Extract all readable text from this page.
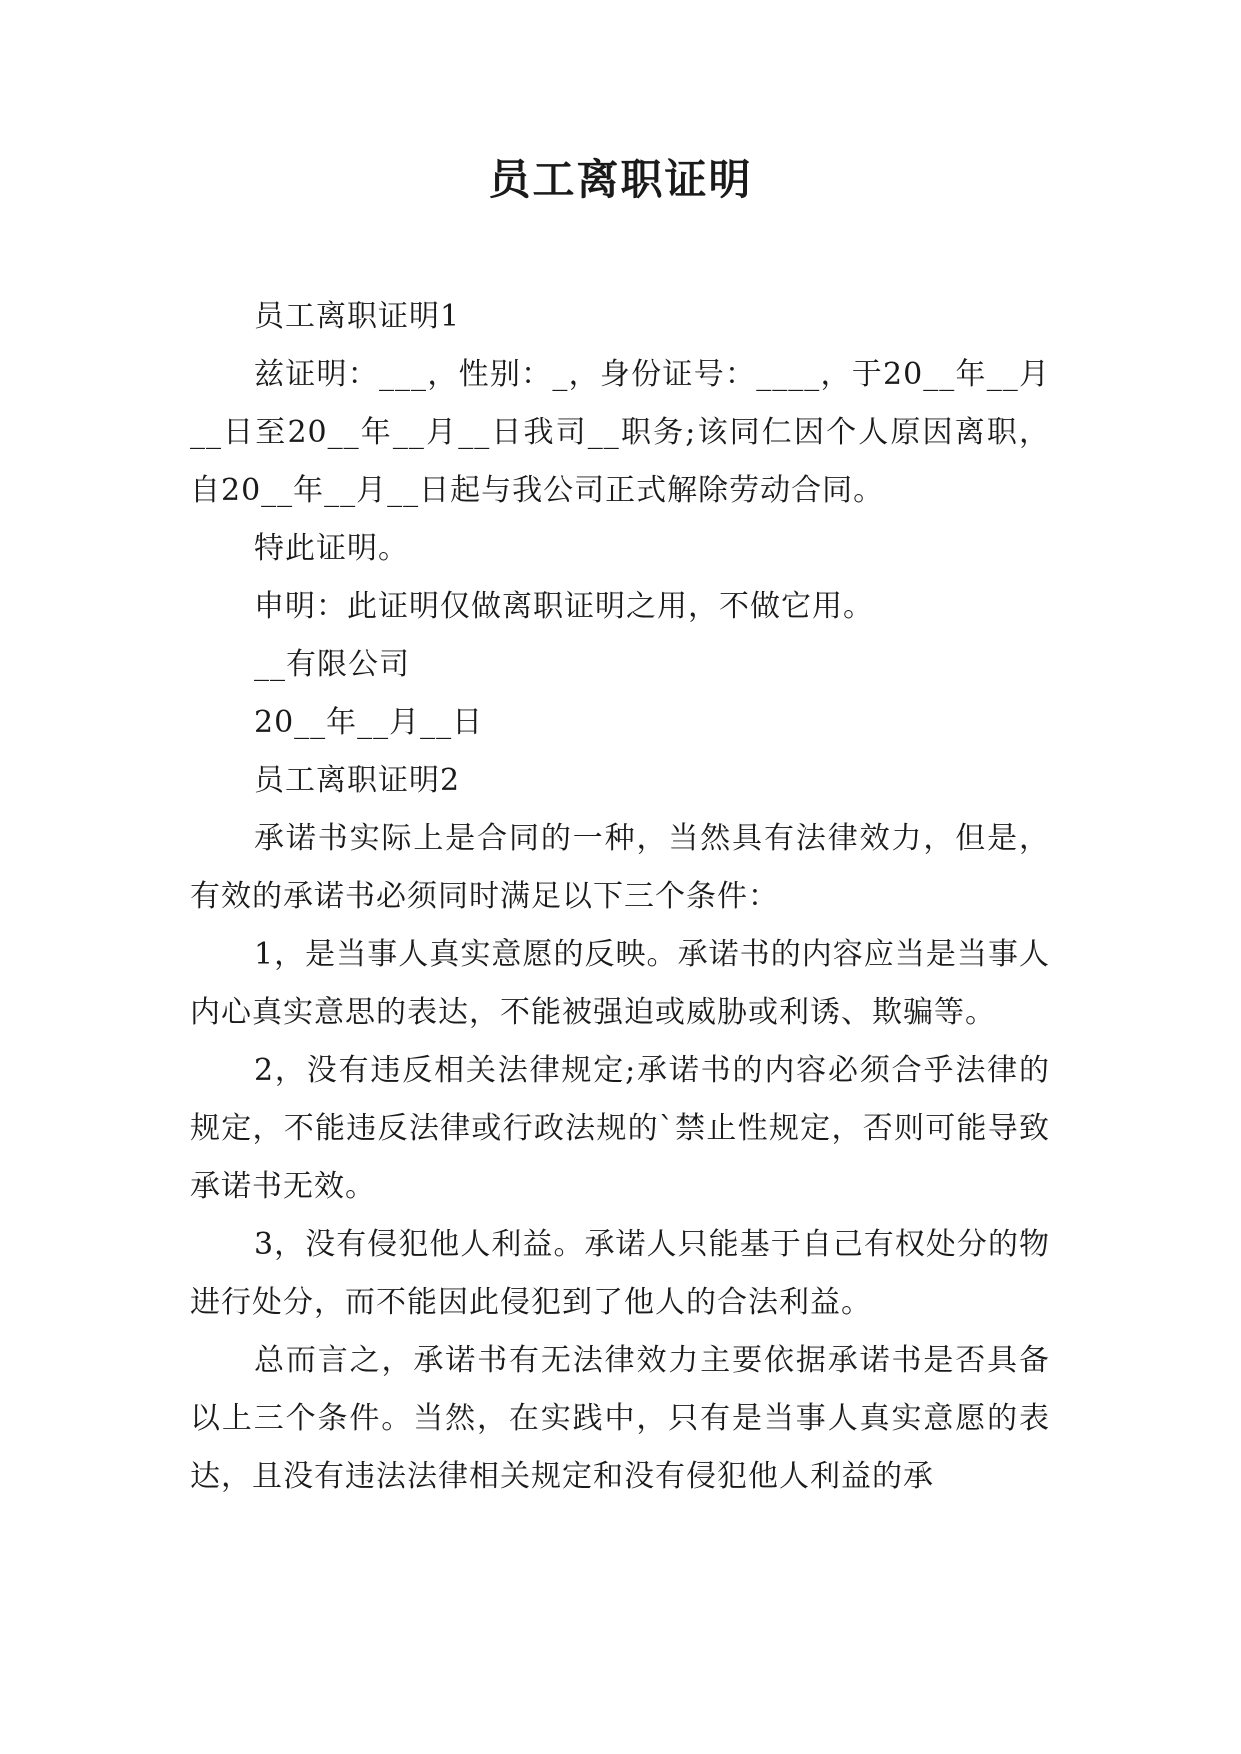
员工离职证明

员工离职证明1

兹证明：___，性别：_，身份证号：____，于20__年__月__日至20__年__月__日我司__职务;该同仁因个人原因离职，自20__年__月__日起与我公司正式解除劳动合同。

特此证明。

申明：此证明仅做离职证明之用，不做它用。

__有限公司

20__年__月__日

员工离职证明2

承诺书实际上是合同的一种，当然具有法律效力，但是，有效的承诺书必须同时满足以下三个条件：

1，是当事人真实意愿的反映。承诺书的内容应当是当事人内心真实意思的表达，不能被强迫或威胁或利诱、欺骗等。

2，没有违反相关法律规定;承诺书的内容必须合乎法律的规定，不能违反法律或行政法规的`禁止性规定，否则可能导致承诺书无效。

3，没有侵犯他人利益。承诺人只能基于自己有权处分的物进行处分，而不能因此侵犯到了他人的合法利益。

总而言之，承诺书有无法律效力主要依据承诺书是否具备以上三个条件。当然，在实践中，只有是当事人真实意愿的表达，且没有违法法律相关规定和没有侵犯他人利益的承
